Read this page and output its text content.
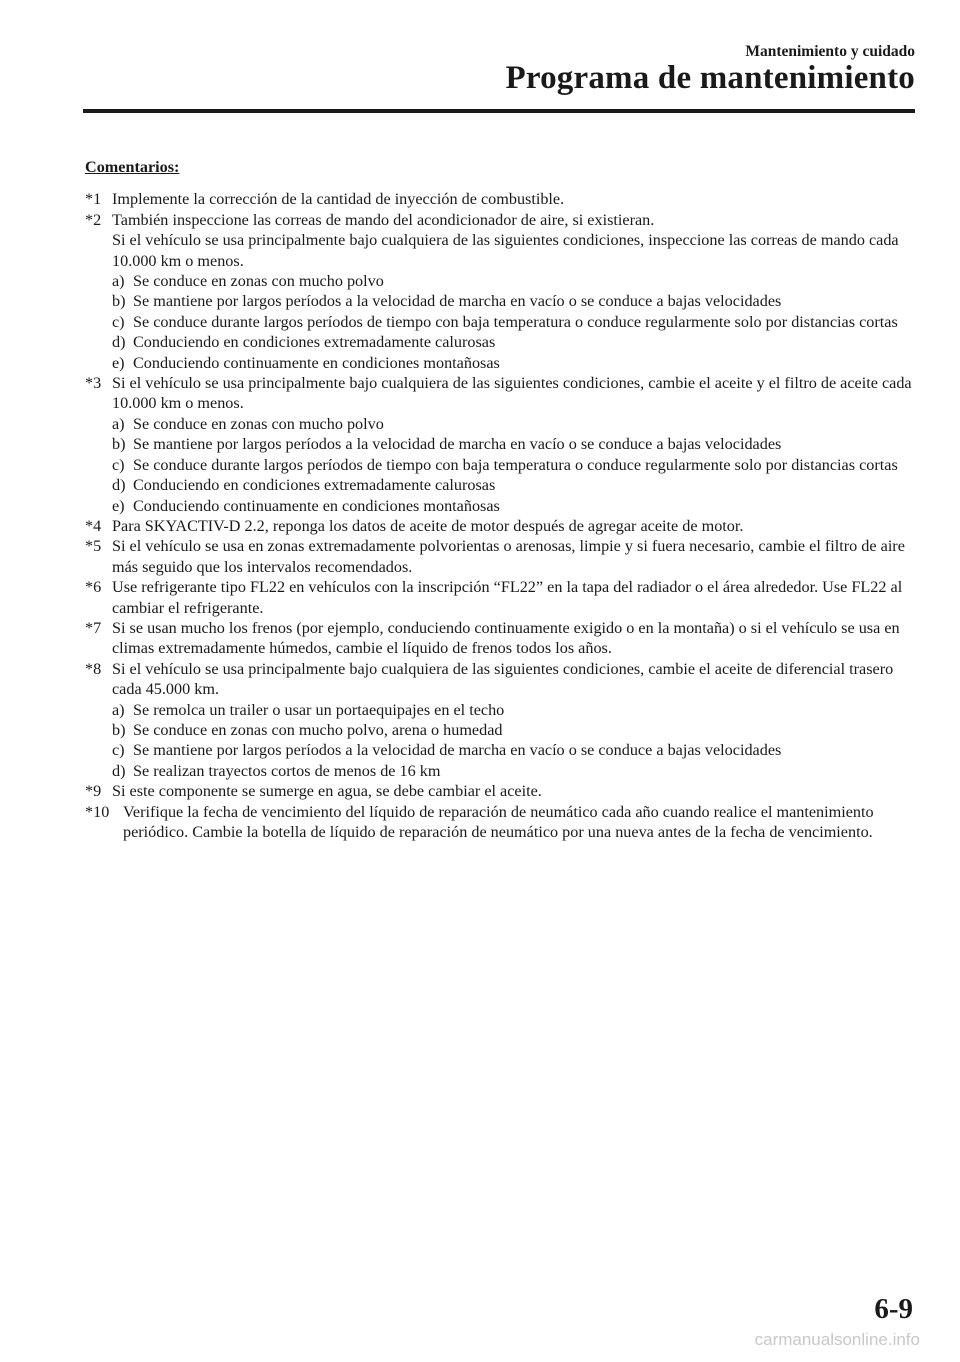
Mantenimiento y cuidado
Programa de mantenimiento
Comentarios:
*1 Implemente la corrección de la cantidad de inyección de combustible.
*2 También inspeccione las correas de mando del acondicionador de aire, si existieran.
Si el vehículo se usa principalmente bajo cualquiera de las siguientes condiciones, inspeccione las correas de mando cada 10.000 km o menos.
a) Se conduce en zonas con mucho polvo
b) Se mantiene por largos períodos a la velocidad de marcha en vacío o se conduce a bajas velocidades
c) Se conduce durante largos períodos de tiempo con baja temperatura o conduce regularmente solo por distancias cortas
d) Conduciendo en condiciones extremadamente calurosas
e) Conduciendo continuamente en condiciones montañosas
*3 Si el vehículo se usa principalmente bajo cualquiera de las siguientes condiciones, cambie el aceite y el filtro de aceite cada 10.000 km o menos.
a) Se conduce en zonas con mucho polvo
b) Se mantiene por largos períodos a la velocidad de marcha en vacío o se conduce a bajas velocidades
c) Se conduce durante largos períodos de tiempo con baja temperatura o conduce regularmente solo por distancias cortas
d) Conduciendo en condiciones extremadamente calurosas
e) Conduciendo continuamente en condiciones montañosas
*4 Para SKYACTIV-D 2.2, reponga los datos de aceite de motor después de agregar aceite de motor.
*5 Si el vehículo se usa en zonas extremadamente polvorientas o arenosas, limpie y si fuera necesario, cambie el filtro de aire más seguido que los intervalos recomendados.
*6 Use refrigerante tipo FL22 en vehículos con la inscripción “FL22” en la tapa del radiador o el área alrededor. Use FL22 al cambiar el refrigerante.
*7 Si se usan mucho los frenos (por ejemplo, conduciendo continuamente exigido o en la montaña) o si el vehículo se usa en climas extremadamente húmedos, cambie el líquido de frenos todos los años.
*8 Si el vehículo se usa principalmente bajo cualquiera de las siguientes condiciones, cambie el aceite de diferencial trasero cada 45.000 km.
a) Se remolca un trailer o usar un portaequipajes en el techo
b) Se conduce en zonas con mucho polvo, arena o humedad
c) Se mantiene por largos períodos a la velocidad de marcha en vacío o se conduce a bajas velocidades
d) Se realizan trayectos cortos de menos de 16 km
*9 Si este componente se sumerge en agua, se debe cambiar el aceite.
*10 Verifique la fecha de vencimiento del líquido de reparación de neumático cada año cuando realice el mantenimiento periódico. Cambie la botella de líquido de reparación de neumático por una nueva antes de la fecha de vencimiento.
6-9
carmanualsonline.info
